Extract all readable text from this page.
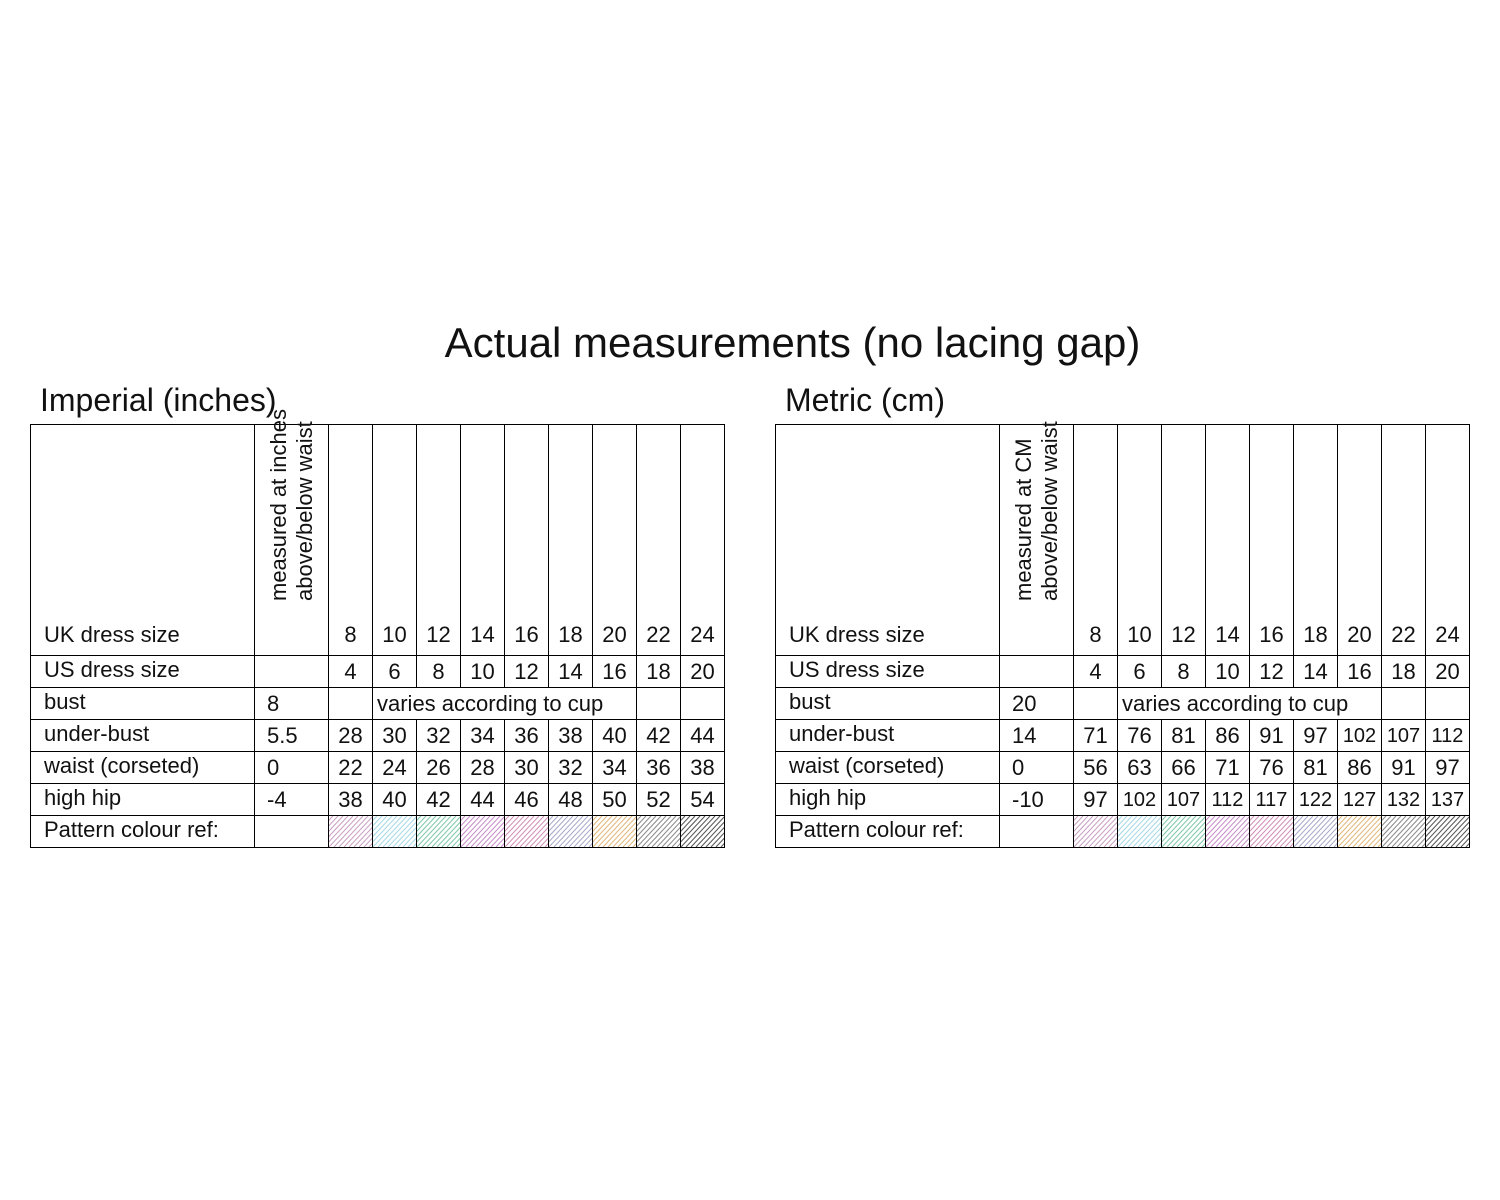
Actual measurements (no lacing gap)
Imperial (inches)
UK dress size	measured at inches above/below waist	8	10	12	14	16	18	20	22	24
US dress size		4	6	8	10	12	14	16	18	20
bust	8		varies according to cup							
under-bust	5.5	28	30	32	34	36	38	40	42	44
waist (corseted)	0	22	24	26	28	30	32	34	36	38
high hip	-4	38	40	42	44	46	48	50	52	54
Pattern colour ref:		

Metric (cm)
UK dress size	measured at CM above/below waist	8	10	12	14	16	18	20	22	24
US dress size		4	6	8	10	12	14	16	18	20
bust	20		varies according to cup							
under-bust	14	71	76	81	86	91	97	102	107	112
waist (corseted)	0	56	63	66	71	76	81	86	91	97
high hip	-10	97	102	107	112	117	122	127	132	137
Pattern colour ref:		
